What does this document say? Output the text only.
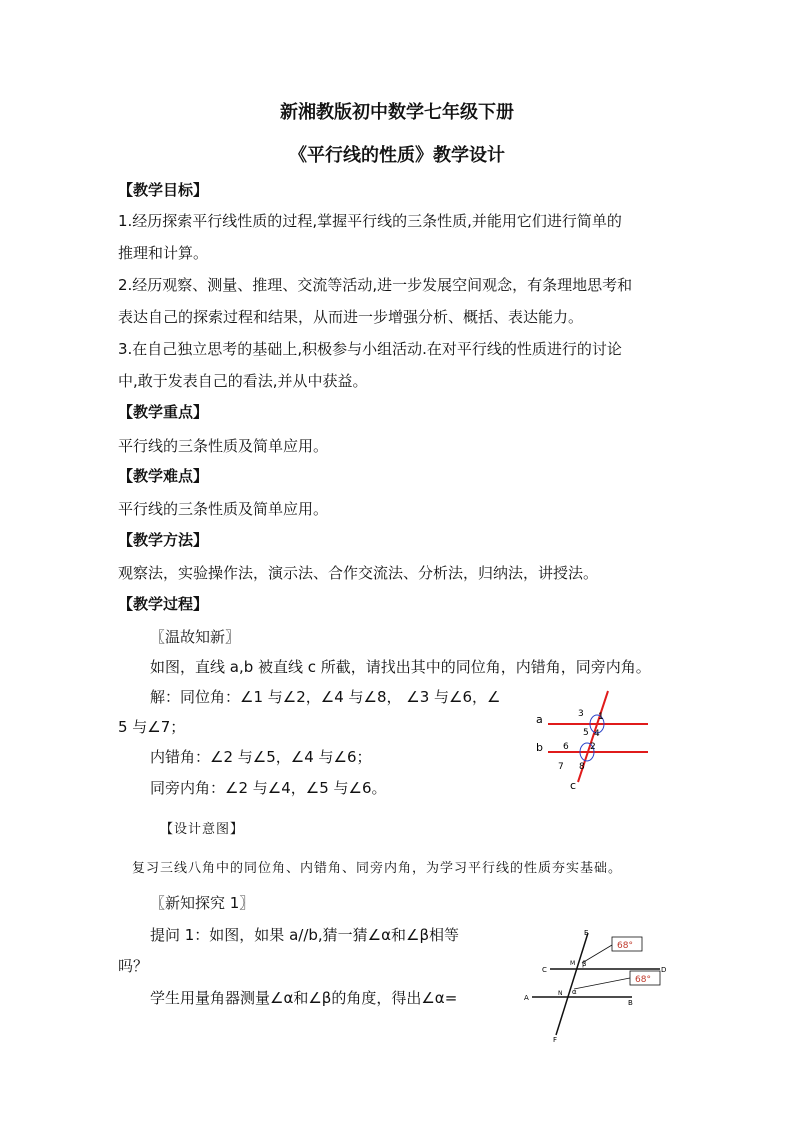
新湘教版初中数学七年级下册
《平行线的性质》教学设计
【教学目标】
1.经历探索平行线性质的过程,掌握平行线的三条性质,并能用它们进行简单的
推理和计算。
2.经历观察、测量、推理、交流等活动,进一步发展空间观念，有条理地思考和
表达自己的探索过程和结果，从而进一步增强分析、概括、表达能力。
3.在自己独立思考的基础上,积极参与小组活动.在对平行线的性质进行的讨论
中,敢于发表自己的看法,并从中获益。
【教学重点】
平行线的三条性质及简单应用。
【教学难点】
平行线的三条性质及简单应用。
【教学方法】
观察法，实验操作法，演示法、合作交流法、分析法，归纳法，讲授法。
【教学过程】
〖温故知新〗
如图，直线 a,b 被直线 c 所截，请找出其中的同位角，内错角，同旁内角。
解：同位角：∠1 与∠2，∠4 与∠8， ∠3 与∠6，∠
5 与∠7；
内错角：∠2 与∠5，∠4 与∠6；
同旁内角：∠2 与∠4，∠5 与∠6。
【设计意图】
复习三线八角中的同位角、内错角、同旁内角，为学习平行线的性质夯实基础。
〖新知探究 1〗
提问 1：如图，如果 a//b,猜一猜∠α和∠β相等
吗？
学生用量角器测量∠α和∠β的角度，得出∠α=
a
b
c
3 1
5 4
6 2
7 8
68°
68°
E
C	D
M β
A
N α
B
F
